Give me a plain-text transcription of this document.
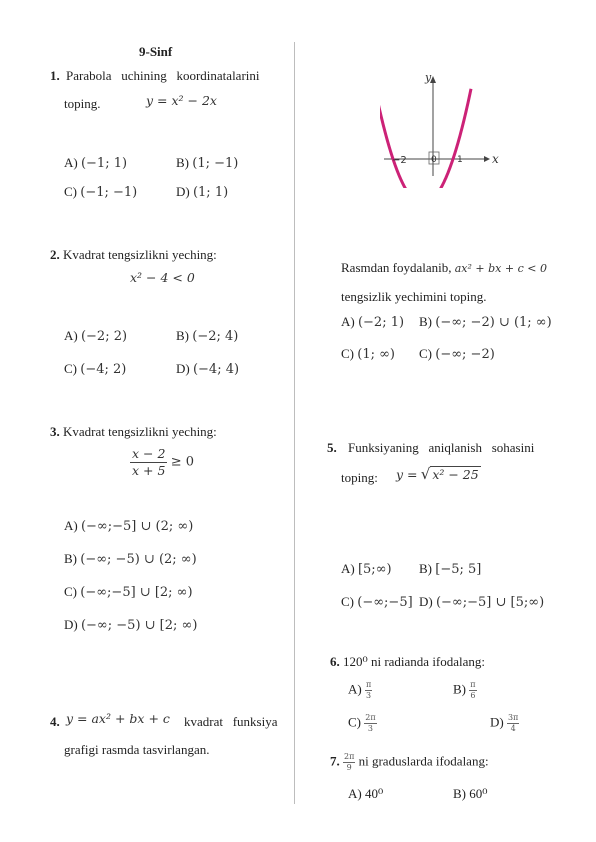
9-Sinf
1. Parabola   uchining   koordinatalarini
toping.	y = x² − 2x
A) (−1; 1)	B) (1; −1)
C) (−1; −1)	D) (1; 1)
2. Kvadrat tengsizlikni yeching:
x² − 4 < 0
A) (−2; 2)	B) (−2; 4)
C) (−4; 2)	D) (−4; 4)
3. Kvadrat tengsizlikni yeching:
$\frac{x - 2}{x + 5} \ge 0$
A) (−∞;−5] ∪ (2; ∞)
B) (−∞; −5) ∪ (2; ∞)
C) (−∞;−5] ∪ [2; ∞)
D) (−∞; −5) ∪ [2; ∞)
4. y = ax² + bx + c kvadrat   funksiya
grafigi rasmda tasvirlangan.
y
x
−2	0 1
Rasmdan foydalanib, ax² + bx + c < 0
tengsizlik yechimini toping.
A) (−2; 1) B) (−∞; −2) ∪ (1; ∞)
C) (1; ∞) C) (−∞; −2)
5. Funksiyaning   aniqlanish   sohasini
toping: y = √ x² − 25
A) [5;∞) B) [−5; 5]
C) (−∞;−5] D) (−∞;−5] ∪ [5;∞)
6. 120⁰ ni radianda ifodalang:
$A) \frac{\pi}{3}$	$B) \frac{\pi}{6}$
$C) \frac{2\pi}{3}$	$D) \frac{3\pi}{4}$
7. $\frac{2\pi}{9}$ ni graduslarda ifodalang:
A) 40⁰	B) 60⁰
